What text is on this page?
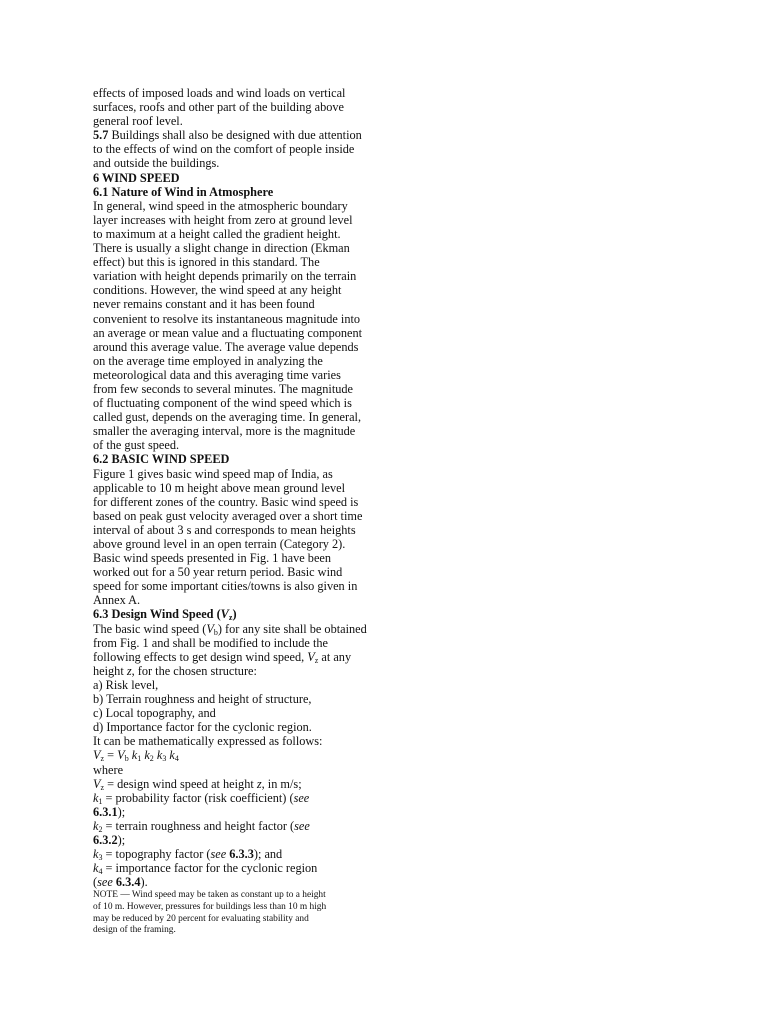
effects of imposed loads and wind loads on vertical
surfaces, roofs and other part of the building above
general roof level.
5.7 Buildings shall also be designed with due attention
to the effects of wind on the comfort of people inside
and outside the buildings.
6 WIND SPEED
6.1 Nature of Wind in Atmosphere
In general, wind speed in the atmospheric boundary
layer increases with height from zero at ground level
to maximum at a height called the gradient height.
There is usually a slight change in direction (Ekman
effect) but this is ignored in this standard. The
variation with height depends primarily on the terrain
conditions. However, the wind speed at any height
never remains constant and it has been found
convenient to resolve its instantaneous magnitude into
an average or mean value and a fluctuating component
around this average value. The average value depends
on the average time employed in analyzing the
meteorological data and this averaging time varies
from few seconds to several minutes. The magnitude
of fluctuating component of the wind speed which is
called gust, depends on the averaging time. In general,
smaller the averaging interval, more is the magnitude
of the gust speed.
6.2 BASIC WIND SPEED
Figure 1 gives basic wind speed map of India, as
applicable to 10 m height above mean ground level
for different zones of the country. Basic wind speed is
based on peak gust velocity averaged over a short time
interval of about 3 s and corresponds to mean heights
above ground level in an open terrain (Category 2).
Basic wind speeds presented in Fig. 1 have been
worked out for a 50 year return period. Basic wind
speed for some important cities/towns is also given in
Annex A.
6.3 Design Wind Speed $(V_z)$
The basic wind speed $(V_b)$ for any site shall be obtained
from Fig. 1 and shall be modified to include the
following effects to get design wind speed, $V_z$ at any
height z, for the chosen structure:
a) Risk level,
b) Terrain roughness and height of structure,
c) Local topography, and
d) Importance factor for the cyclonic region.
It can be mathematically expressed as follows:
$V_z = V_b$ $k_1$ $k_2$ $k_3$ $k_4$
where
$V_z$ = design wind speed at height z, in m/s;
$k_1$ = probability factor (risk coefficient) (see
6.3.1);
$k_2$ = terrain roughness and height factor (see
6.3.2);
$k_3$ = topography factor (see 6.3.3); and
$k_4$ = importance factor for the cyclonic region
(see 6.3.4).
NOTE — Wind speed may be taken as constant up to a height
of 10 m. However, pressures for buildings less than 10 m high
may be reduced by 20 percent for evaluating stability and
design of the framing.
